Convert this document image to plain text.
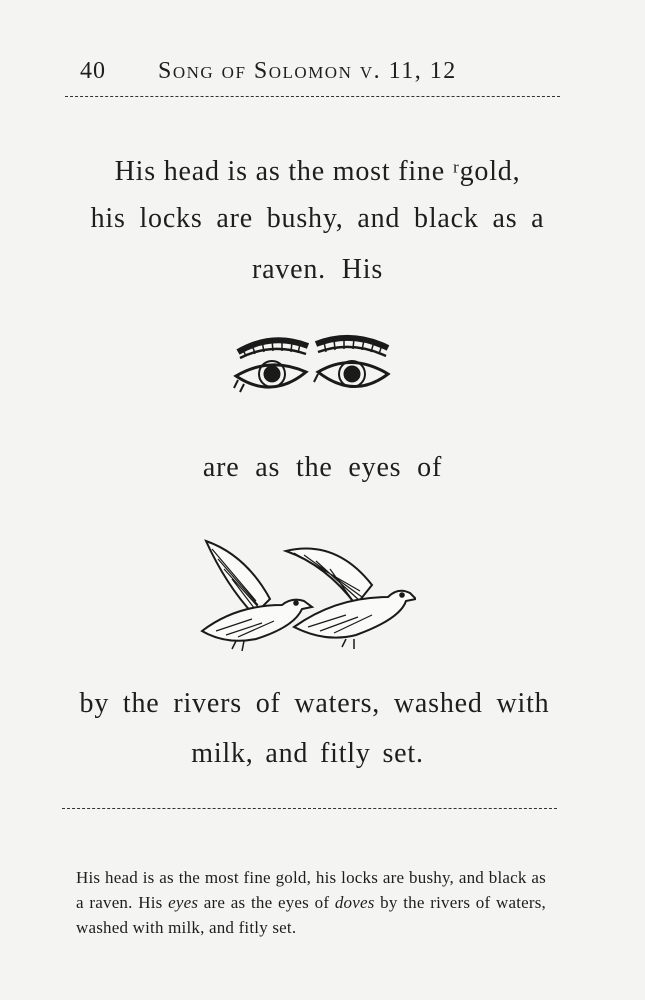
40 Song of Solomon v. 11, 12
His head is as the most fine ʳgold,
his locks are bushy, and black as a
raven. His
are as the eyes of
by the rivers of waters, washed with
milk, and fitly set.

His head is as the most fine gold, his locks are bushy, and black as a raven. His eyes are as the eyes of doves by the rivers of waters, washed with milk, and fitly set.
